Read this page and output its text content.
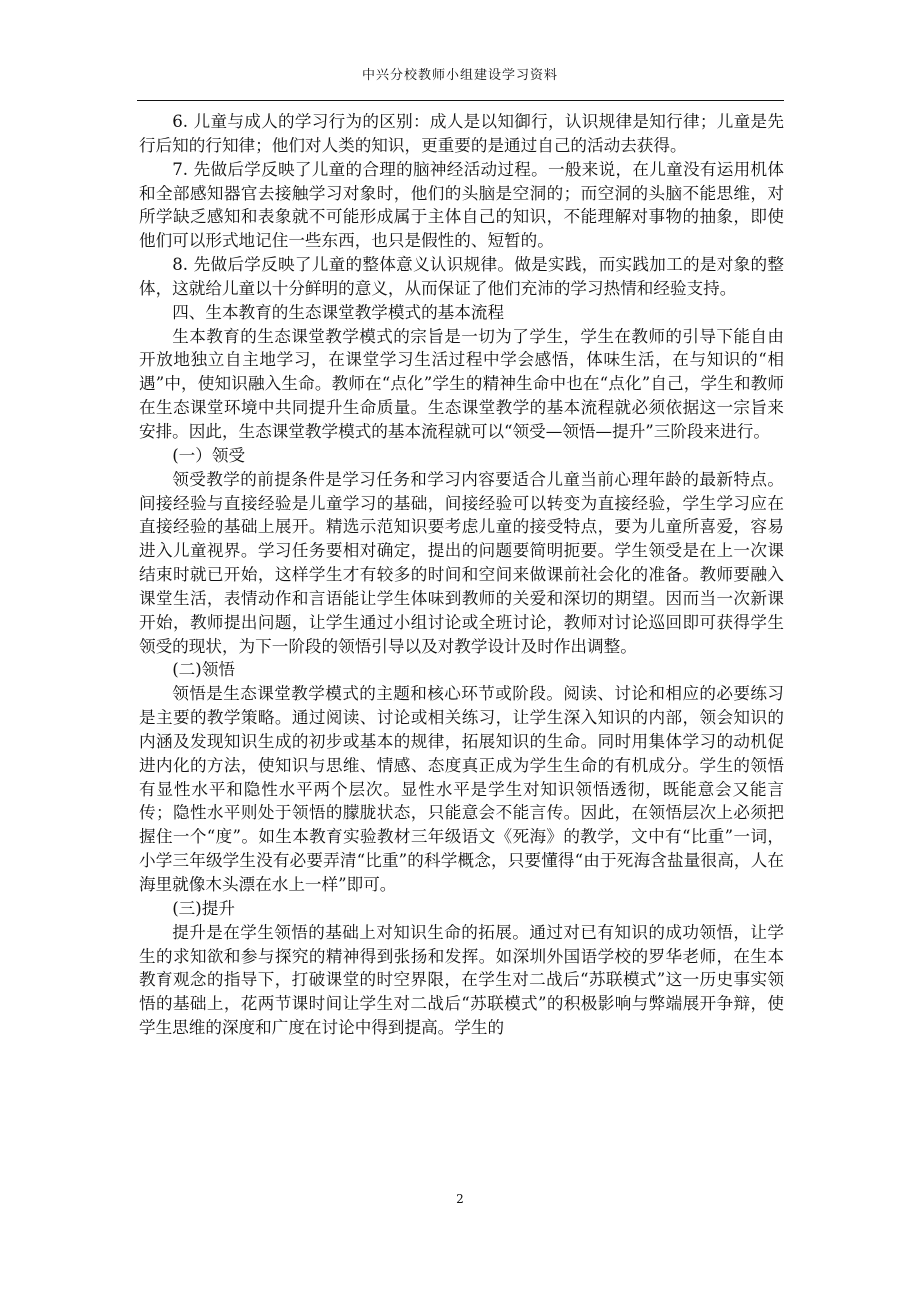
中兴分校教师小组建设学习资料

6. 儿童与成人的学习行为的区别：成人是以知御行，认识规律是知行律；儿童是先行后知的行知律；他们对人类的知识，更重要的是通过自己的活动去获得。

7. 先做后学反映了儿童的合理的脑神经活动过程。一般来说，在儿童没有运用机体和全部感知器官去接触学习对象时，他们的头脑是空洞的；而空洞的头脑不能思维，对所学缺乏感知和表象就不可能形成属于主体自己的知识，不能理解对事物的抽象，即使他们可以形式地记住一些东西，也只是假性的、短暂的。

8. 先做后学反映了儿童的整体意义认识规律。做是实践，而实践加工的是对象的整体，这就给儿童以十分鲜明的意义，从而保证了他们充沛的学习热情和经验支持。

四、生本教育的生态课堂教学模式的基本流程

生本教育的生态课堂教学模式的宗旨是一切为了学生，学生在教师的引导下能自由开放地独立自主地学习，在课堂学习生活过程中学会感悟，体味生活，在与知识的“相遇”中，使知识融入生命。教师在“点化”学生的精神生命中也在“点化”自己，学生和教师在生态课堂环境中共同提升生命质量。生态课堂教学的基本流程就必须依据这一宗旨来安排。因此，生态课堂教学模式的基本流程就可以“领受—领悟—提升”三阶段来进行。

(一）领受

领受教学的前提条件是学习任务和学习内容要适合儿童当前心理年龄的最新特点。间接经验与直接经验是儿童学习的基础，间接经验可以转变为直接经验，学生学习应在直接经验的基础上展开。精选示范知识要考虑儿童的接受特点，要为儿童所喜爱，容易进入儿童视界。学习任务要相对确定，提出的问题要简明扼要。学生领受是在上一次课结束时就已开始，这样学生才有较多的时间和空间来做课前社会化的准备。教师要融入课堂生活，表情动作和言语能让学生体味到教师的关爱和深切的期望。因而当一次新课开始，教师提出问题，让学生通过小组讨论或全班讨论，教师对讨论巡回即可获得学生领受的现状，为下一阶段的领悟引导以及对教学设计及时作出调整。

(二)领悟

领悟是生态课堂教学模式的主题和核心环节或阶段。阅读、讨论和相应的必要练习是主要的教学策略。通过阅读、讨论或相关练习，让学生深入知识的内部，领会知识的内涵及发现知识生成的初步或基本的规律，拓展知识的生命。同时用集体学习的动机促进内化的方法，使知识与思维、情感、态度真正成为学生生命的有机成分。学生的领悟有显性水平和隐性水平两个层次。显性水平是学生对知识领悟透彻，既能意会又能言传；隐性水平则处于领悟的朦胧状态，只能意会不能言传。因此，在领悟层次上必须把握住一个“度”。如生本教育实验教材三年级语文《死海》的教学，文中有“比重”一词，小学三年级学生没有必要弄清“比重”的科学概念，只要懂得“由于死海含盐量很高，人在海里就像木头漂在水上一样”即可。

(三)提升

提升是在学生领悟的基础上对知识生命的拓展。通过对已有知识的成功领悟，让学生的求知欲和参与探究的精神得到张扬和发挥。如深圳外国语学校的罗华老师，在生本教育观念的指导下，打破课堂的时空界限，在学生对二战后“苏联模式”这一历史事实领悟的基础上，花两节课时间让学生对二战后“苏联模式”的积极影响与弊端展开争辩，使学生思维的深度和广度在讨论中得到提高。学生的

2
